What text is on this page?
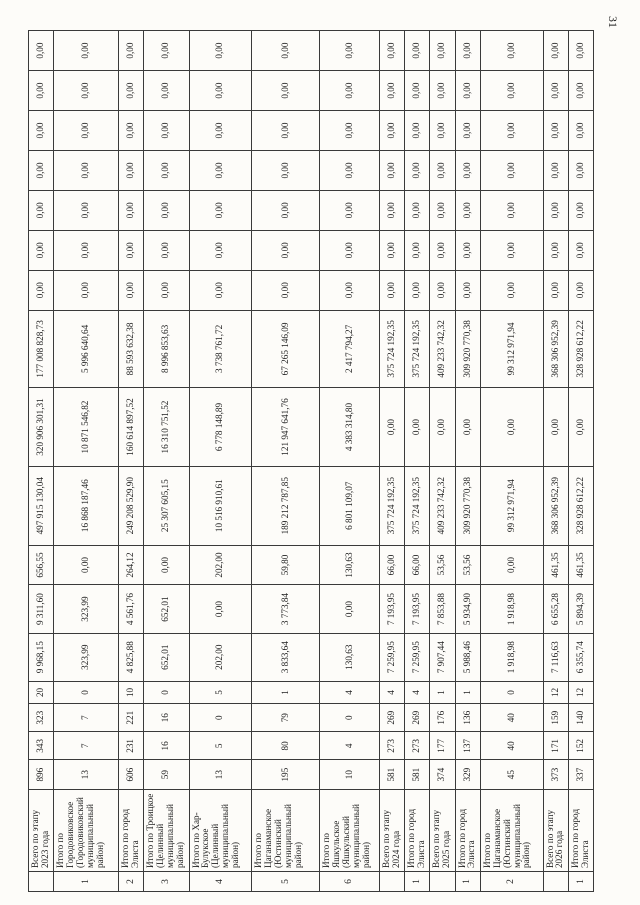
31
	Всего по этапу 2023 года	896	343	323	20	9 968,15	9 311,60	656,55	497 915 130,04	320 906 301,31	177 008 828,73	0,00	0,00	0,00	0,00	0,00	0,00	0,00
1	Итого по Городовиковское (Городовиковский муниципальный район)	13	7	7	0	323,99	323,99	0,00	16 868 187,46	10 871 546,82	5 996 640,64	0,00	0,00	0,00	0,00	0,00	0,00	0,00
2	Итого по город Элиста	606	231	221	10	4 825,88	4 561,76	264,12	249 208 529,90	160 614 897,52	88 593 632,38	0,00	0,00	0,00	0,00	0,00	0,00	0,00
3	Итого по Троицкое (Целинный муниципальный район)	59	16	16	0	652,01	652,01	0,00	25 307 605,15	16 310 751,52	8 996 853,63	0,00	0,00	0,00	0,00	0,00	0,00	0,00
4	Итого по Хар-Булукское (Целинный муниципальный район)	13	5	0	5	202,00	0,00	202,00	10 516 910,61	6 778 148,89	3 738 761,72	0,00	0,00	0,00	0,00	0,00	0,00	0,00
5	Итого по Цаганаманское (Юстинский муниципальный район)	195	80	79	1	3 833,64	3 773,84	59,80	189 212 787,85	121 947 641,76	67 265 146,09	0,00	0,00	0,00	0,00	0,00	0,00	0,00
6	Итого по Яшкульское (Яшкульский муниципальный район)	10	4	0	4	130,63	0,00	130,63	6 801 109,07	4 383 314,80	2 417 794,27	0,00	0,00	0,00	0,00	0,00	0,00	0,00
	Всего по этапу 2024 года	581	273	269	4	7 259,95	7 193,95	66,00	375 724 192,35	0,00	375 724 192,35	0,00	0,00	0,00	0,00	0,00	0,00	0,00
1	Итого по город Элиста	581	273	269	4	7 259,95	7 193,95	66,00	375 724 192,35	0,00	375 724 192,35	0,00	0,00	0,00	0,00	0,00	0,00	0,00
	Всего по этапу 2025 года	374	177	176	1	7 907,44	7 853,88	53,56	409 233 742,32	0,00	409 233 742,32	0,00	0,00	0,00	0,00	0,00	0,00	0,00
1	Итого по город Элиста	329	137	136	1	5 988,46	5 934,90	53,56	309 920 770,38	0,00	309 920 770,38	0,00	0,00	0,00	0,00	0,00	0,00	0,00
2	Итого по Цаганаманское (Юстинский муниципальный район)	45	40	40	0	1 918,98	1 918,98	0,00	99 312 971,94	0,00	99 312 971,94	0,00	0,00	0,00	0,00	0,00	0,00	0,00
	Всего по этапу 2026 года	373	171	159	12	7 116,63	6 655,28	461,35	368 306 952,39	0,00	368 306 952,39	0,00	0,00	0,00	0,00	0,00	0,00	0,00
1	Итого по город Элиста	337	152	140	12	6 355,74	5 894,39	461,35	328 928 612,22	0,00	328 928 612,22	0,00	0,00	0,00	0,00	0,00	0,00	0,00
